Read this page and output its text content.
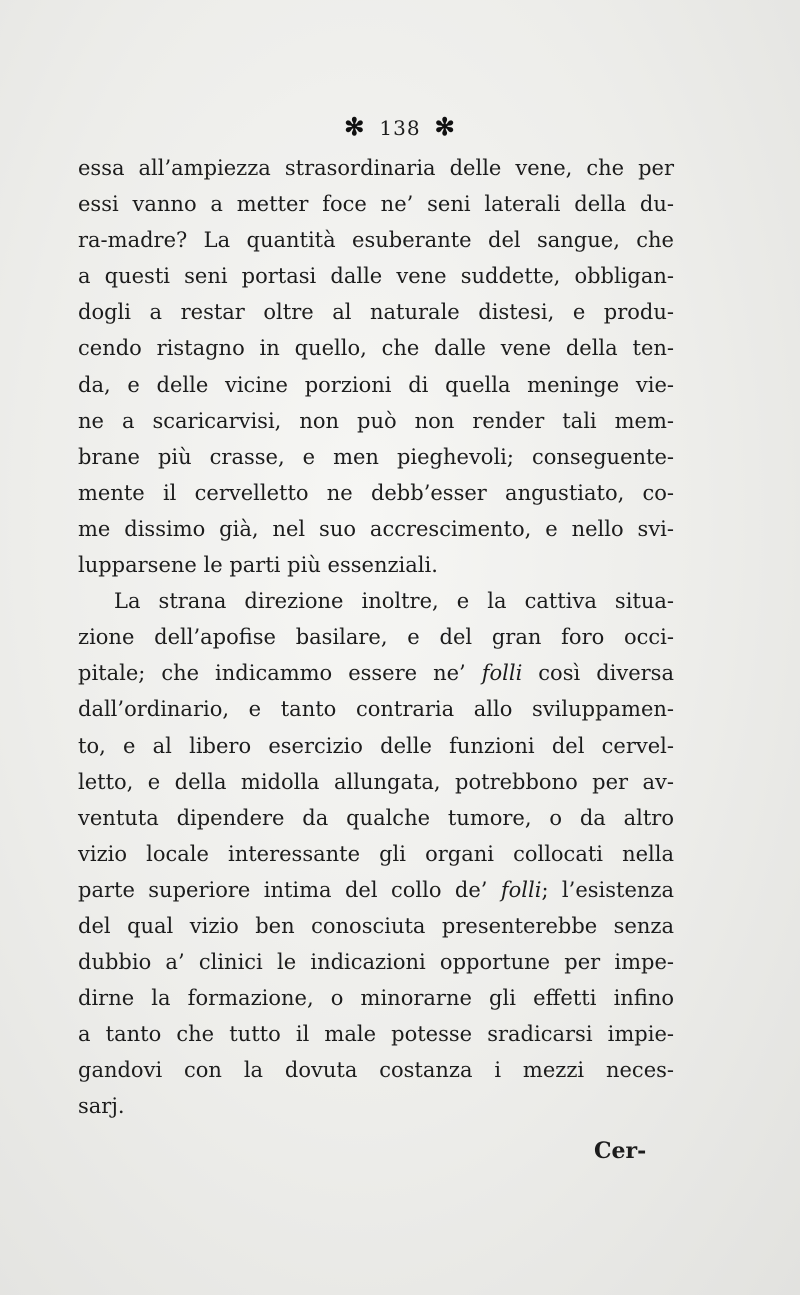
✻ 138 ✻
essa all’ampiezza strasordinaria delle vene, che per
essi vanno a metter foce ne’ seni laterali della du-
ra-madre? La quantità esuberante del sangue, che
a questi seni portasi dalle vene suddette, obbligan-
dogli a restar oltre al naturale distesi, e produ-
cendo ristagno in quello, che dalle vene della ten-
da, e delle vicine porzioni di quella meninge vie-
ne a scaricarvisi, non può non render tali mem-
brane più crasse, e men pieghevoli; conseguente-
mente il cervelletto ne debb’esser angustiato, co-
me dissimo già, nel suo accrescimento, e nello svi-
lupparsene le parti più essenziali.
La strana direzione inoltre, e la cattiva situa-
zione dell’apofise basilare, e del gran foro occi-
pitale; che indicammo essere ne’ folli così diversa
dall’ordinario, e tanto contraria allo sviluppamen-
to, e al libero esercizio delle funzioni del cervel-
letto, e della midolla allungata, potrebbono per av-
ventuta dipendere da qualche tumore, o da altro
vizio locale interessante gli organi collocati nella
parte superiore intima del collo de’ folli; l’esistenza
del qual vizio ben conosciuta presenterebbe senza
dubbio a’ clinici le indicazioni opportune per impe-
dirne la formazione, o minorarne gli effetti infino
a tanto che tutto il male potesse sradicarsi impie-
gandovi con la dovuta costanza i mezzi neces-
sarj.
Cer-
